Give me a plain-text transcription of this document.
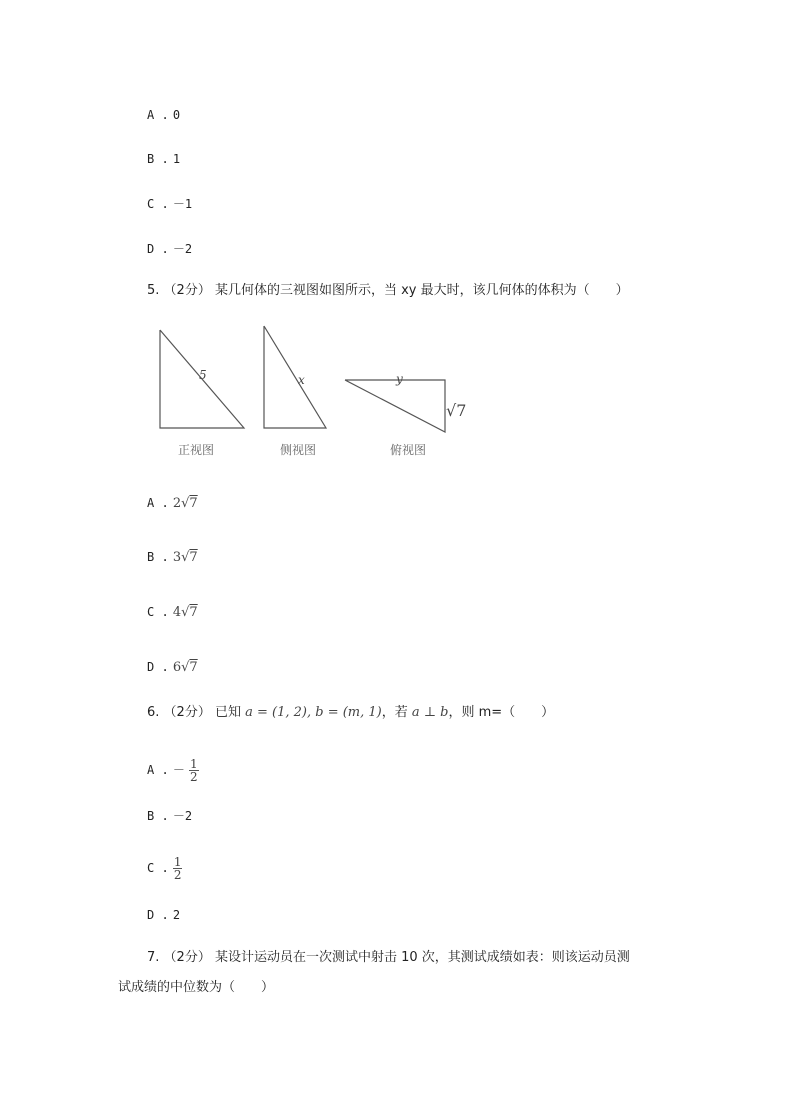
A . 0
B . 1
C . －1
D . －2
5. （2分） 某几何体的三视图如图所示，当 xy 最大时，该几何体的体积为（　　）
5
正视图
x
侧视图
y
√7
俯视图
A . 2√7
B . 3√7
C . 4√7
D . 6√7
6. （2分） 已知 a = (1, 2), b = (m, 1)，若 a ⊥ b，则 m=（　　）
A . － $\frac{1}{2}$
B . －2
C . $\frac{1}{2}$
D . 2
7. （2分） 某设计运动员在一次测试中射击 10 次，其测试成绩如表：则该运动员测
试成绩的中位数为（　　）
